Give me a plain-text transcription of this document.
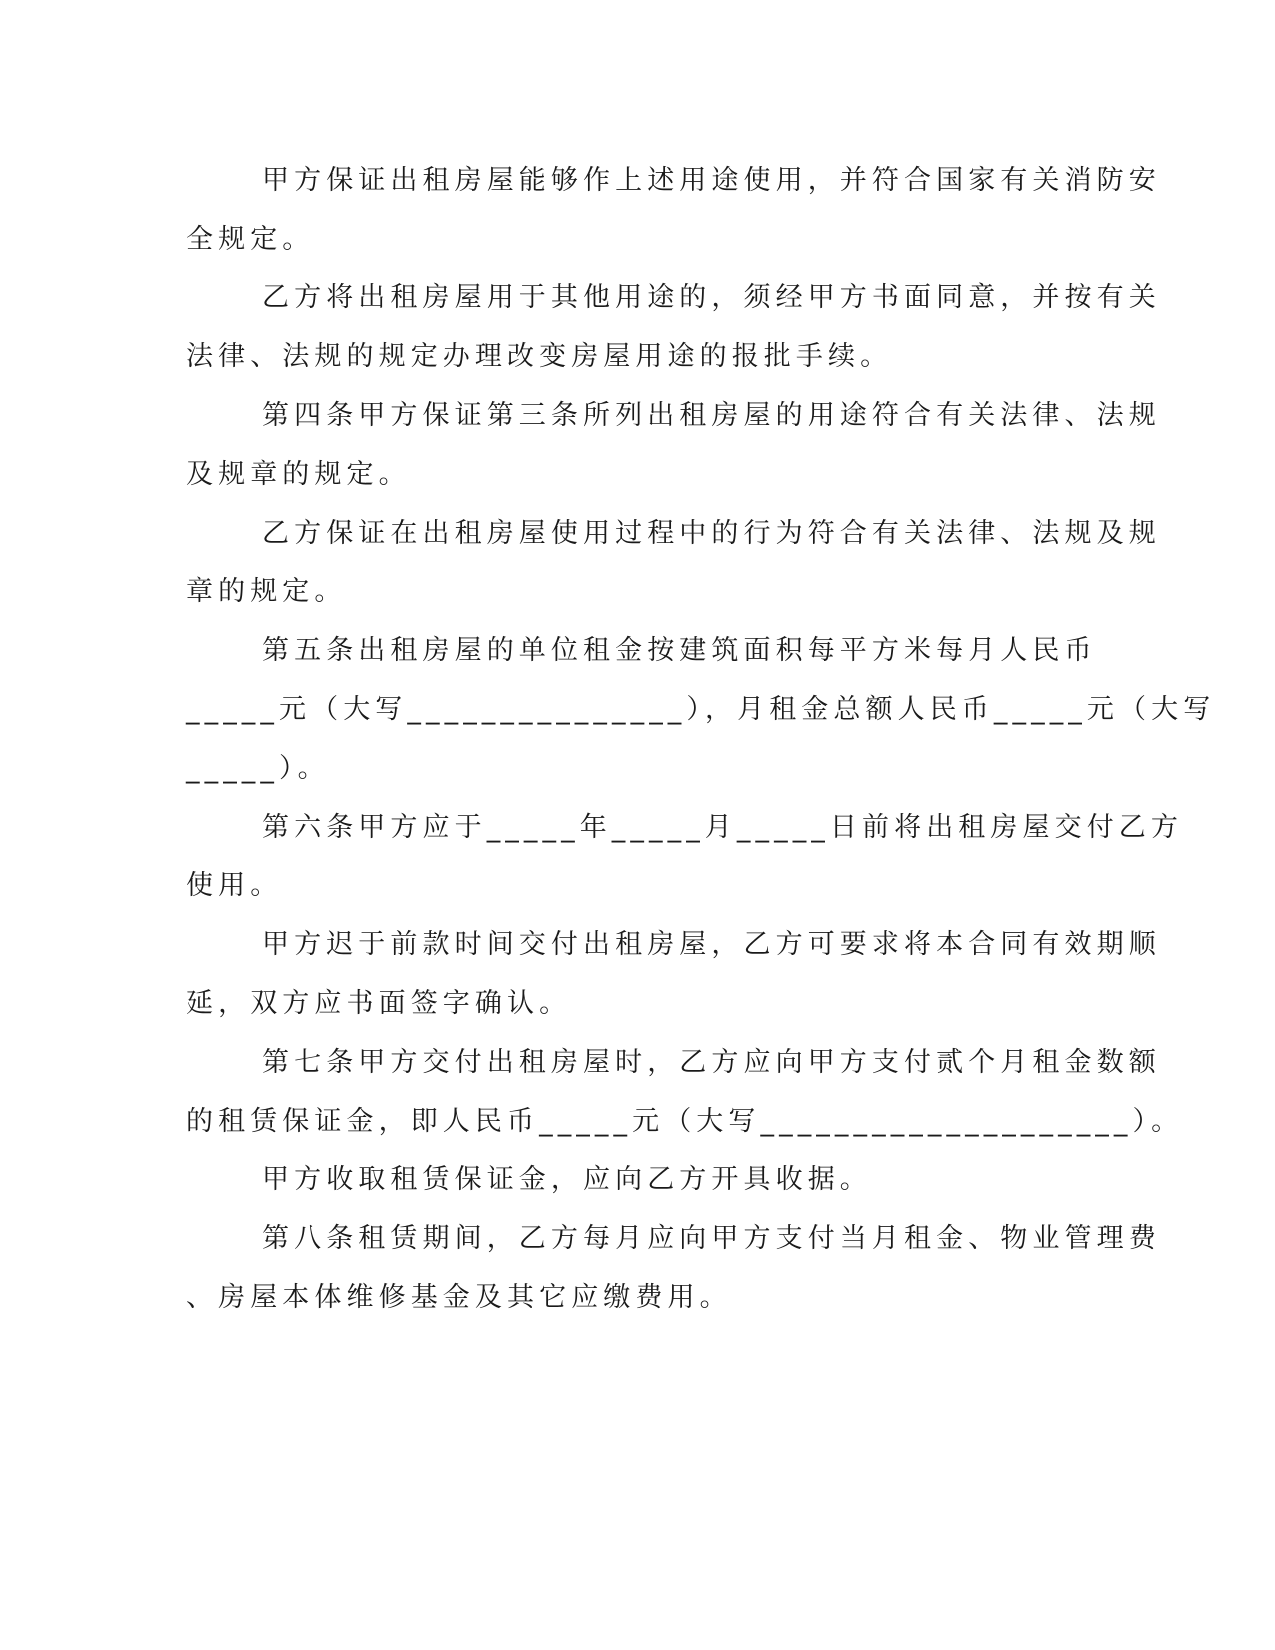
甲方保证出租房屋能够作上述用途使用，并符合国家有关消防安
全规定。
乙方将出租房屋用于其他用途的，须经甲方书面同意，并按有关
法律、法规的规定办理改变房屋用途的报批手续。
第四条甲方保证第三条所列出租房屋的用途符合有关法律、法规
及规章的规定。
乙方保证在出租房屋使用过程中的行为符合有关法律、法规及规
章的规定。
第五条出租房屋的单位租金按建筑面积每平方米每月人民币
_____元（大写_______________），月租金总额人民币_____元（大写
_____）。
第六条甲方应于_____年_____月_____日前将出租房屋交付乙方
使用。
甲方迟于前款时间交付出租房屋，乙方可要求将本合同有效期顺
延，双方应书面签字确认。
第七条甲方交付出租房屋时，乙方应向甲方支付贰个月租金数额
的租赁保证金，即人民币_____元（大写____________________）。
甲方收取租赁保证金，应向乙方开具收据。
第八条租赁期间，乙方每月应向甲方支付当月租金、物业管理费
、房屋本体维修基金及其它应缴费用。
